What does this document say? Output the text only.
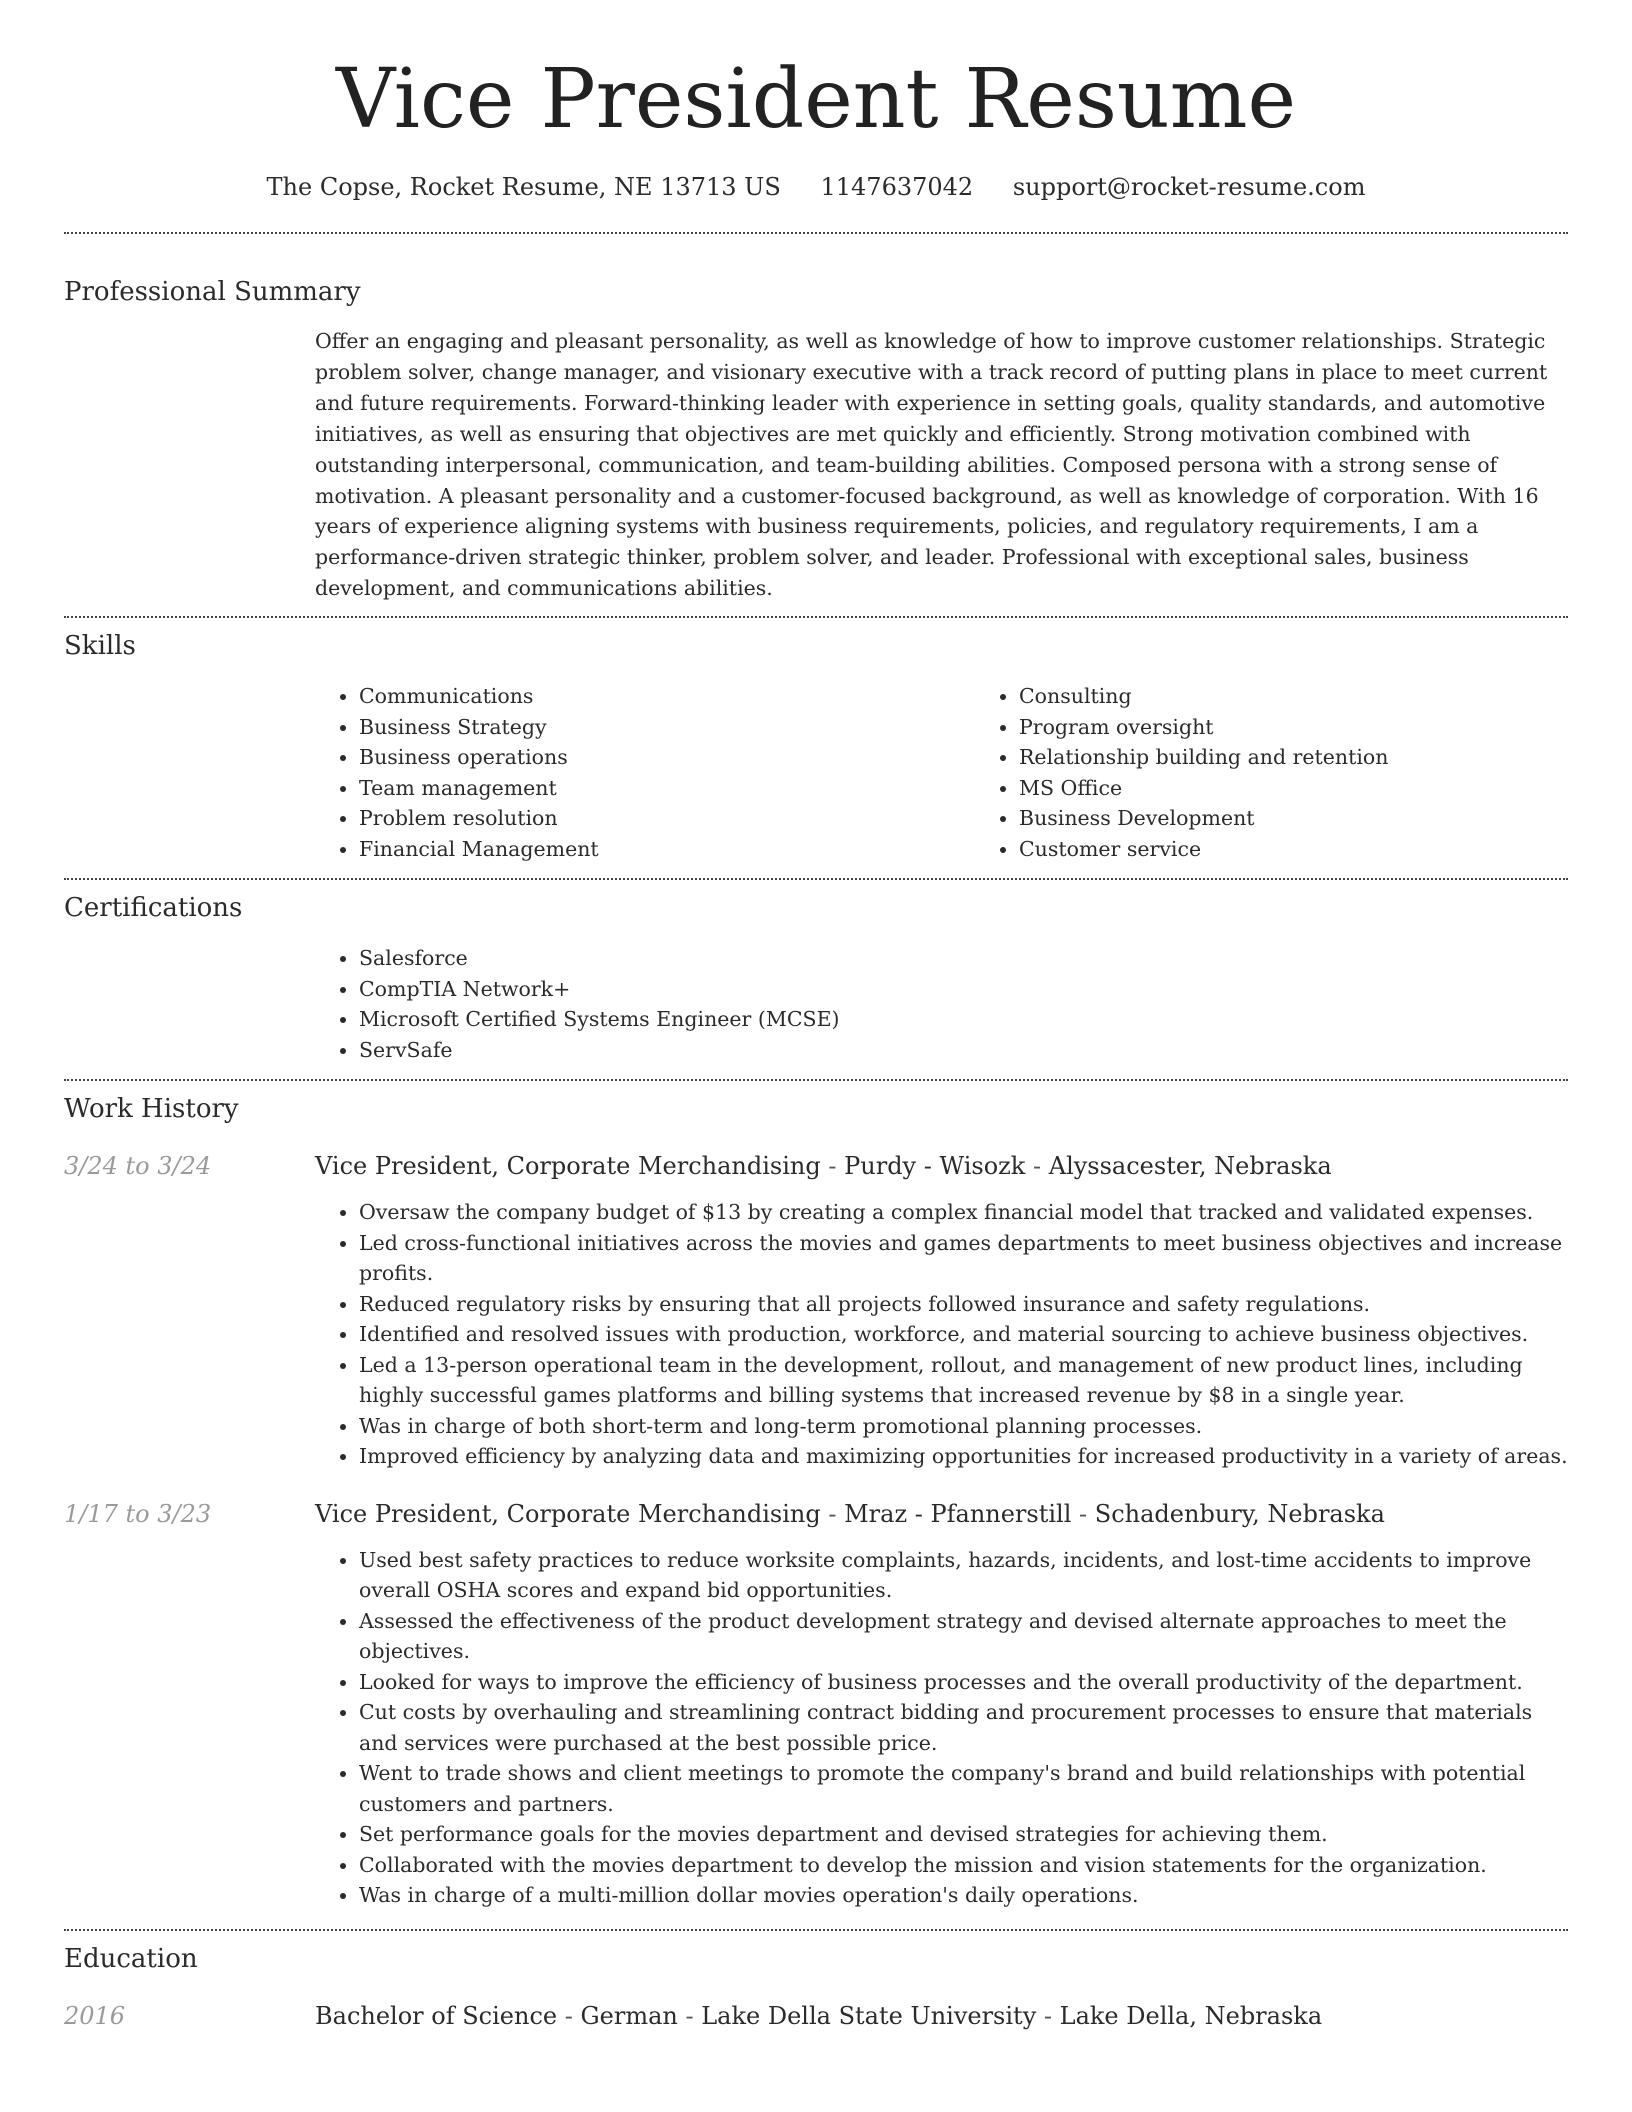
Vice President Resume
The Copse, Rocket Resume, NE 13713 US 1147637042 support@rocket-resume.com
Professional Summary

Offer an engaging and pleasant personality, as well as knowledge of how to improve customer relationships. Strategic problem solver, change manager, and visionary executive with a track record of putting plans in place to meet current and future requirements. Forward-thinking leader with experience in setting goals, quality standards, and automotive initiatives, as well as ensuring that objectives are met quickly and efficiently. Strong motivation combined with outstanding interpersonal, communication, and team-building abilities. Composed persona with a strong sense of motivation. A pleasant personality and a customer-focused background, as well as knowledge of corporation. With 16 years of experience aligning systems with business requirements, policies, and regulatory requirements, I am a performance-driven strategic thinker, problem solver, and leader. Professional with exceptional sales, business development, and communications abilities.

Skills
• Communications
• Business Strategy
• Business operations
• Team management
• Problem resolution
• Financial Management
• Consulting
• Program oversight
• Relationship building and retention
• MS Office
• Business Development
• Customer service
Certifications
• Salesforce
• CompTIA Network+
• Microsoft Certified Systems Engineer (MCSE)
• ServSafe
Work History
3/24 to 3/24	Vice President, Corporate Merchandising - Purdy - Wisozk - Alyssacester, Nebraska
• Oversaw the company budget of $13 by creating a complex financial model that tracked and validated expenses.
• Led cross-functional initiatives across the movies and games departments to meet business objectives and increase profits.
• Reduced regulatory risks by ensuring that all projects followed insurance and safety regulations.
• Identified and resolved issues with production, workforce, and material sourcing to achieve business objectives.
• Led a 13-person operational team in the development, rollout, and management of new product lines, including highly successful games platforms and billing systems that increased revenue by $8 in a single year.
• Was in charge of both short-term and long-term promotional planning processes.
• Improved efficiency by analyzing data and maximizing opportunities for increased productivity in a variety of areas.
1/17 to 3/23	Vice President, Corporate Merchandising - Mraz - Pfannerstill - Schadenbury, Nebraska
• Used best safety practices to reduce worksite complaints, hazards, incidents, and lost-time accidents to improve overall OSHA scores and expand bid opportunities.
• Assessed the effectiveness of the product development strategy and devised alternate approaches to meet the objectives.
• Looked for ways to improve the efficiency of business processes and the overall productivity of the department.
• Cut costs by overhauling and streamlining contract bidding and procurement processes to ensure that materials and services were purchased at the best possible price.
• Went to trade shows and client meetings to promote the company's brand and build relationships with potential customers and partners.
• Set performance goals for the movies department and devised strategies for achieving them.
• Collaborated with the movies department to develop the mission and vision statements for the organization.
• Was in charge of a multi-million dollar movies operation's daily operations.
Education
2016	Bachelor of Science - German - Lake Della State University - Lake Della, Nebraska
